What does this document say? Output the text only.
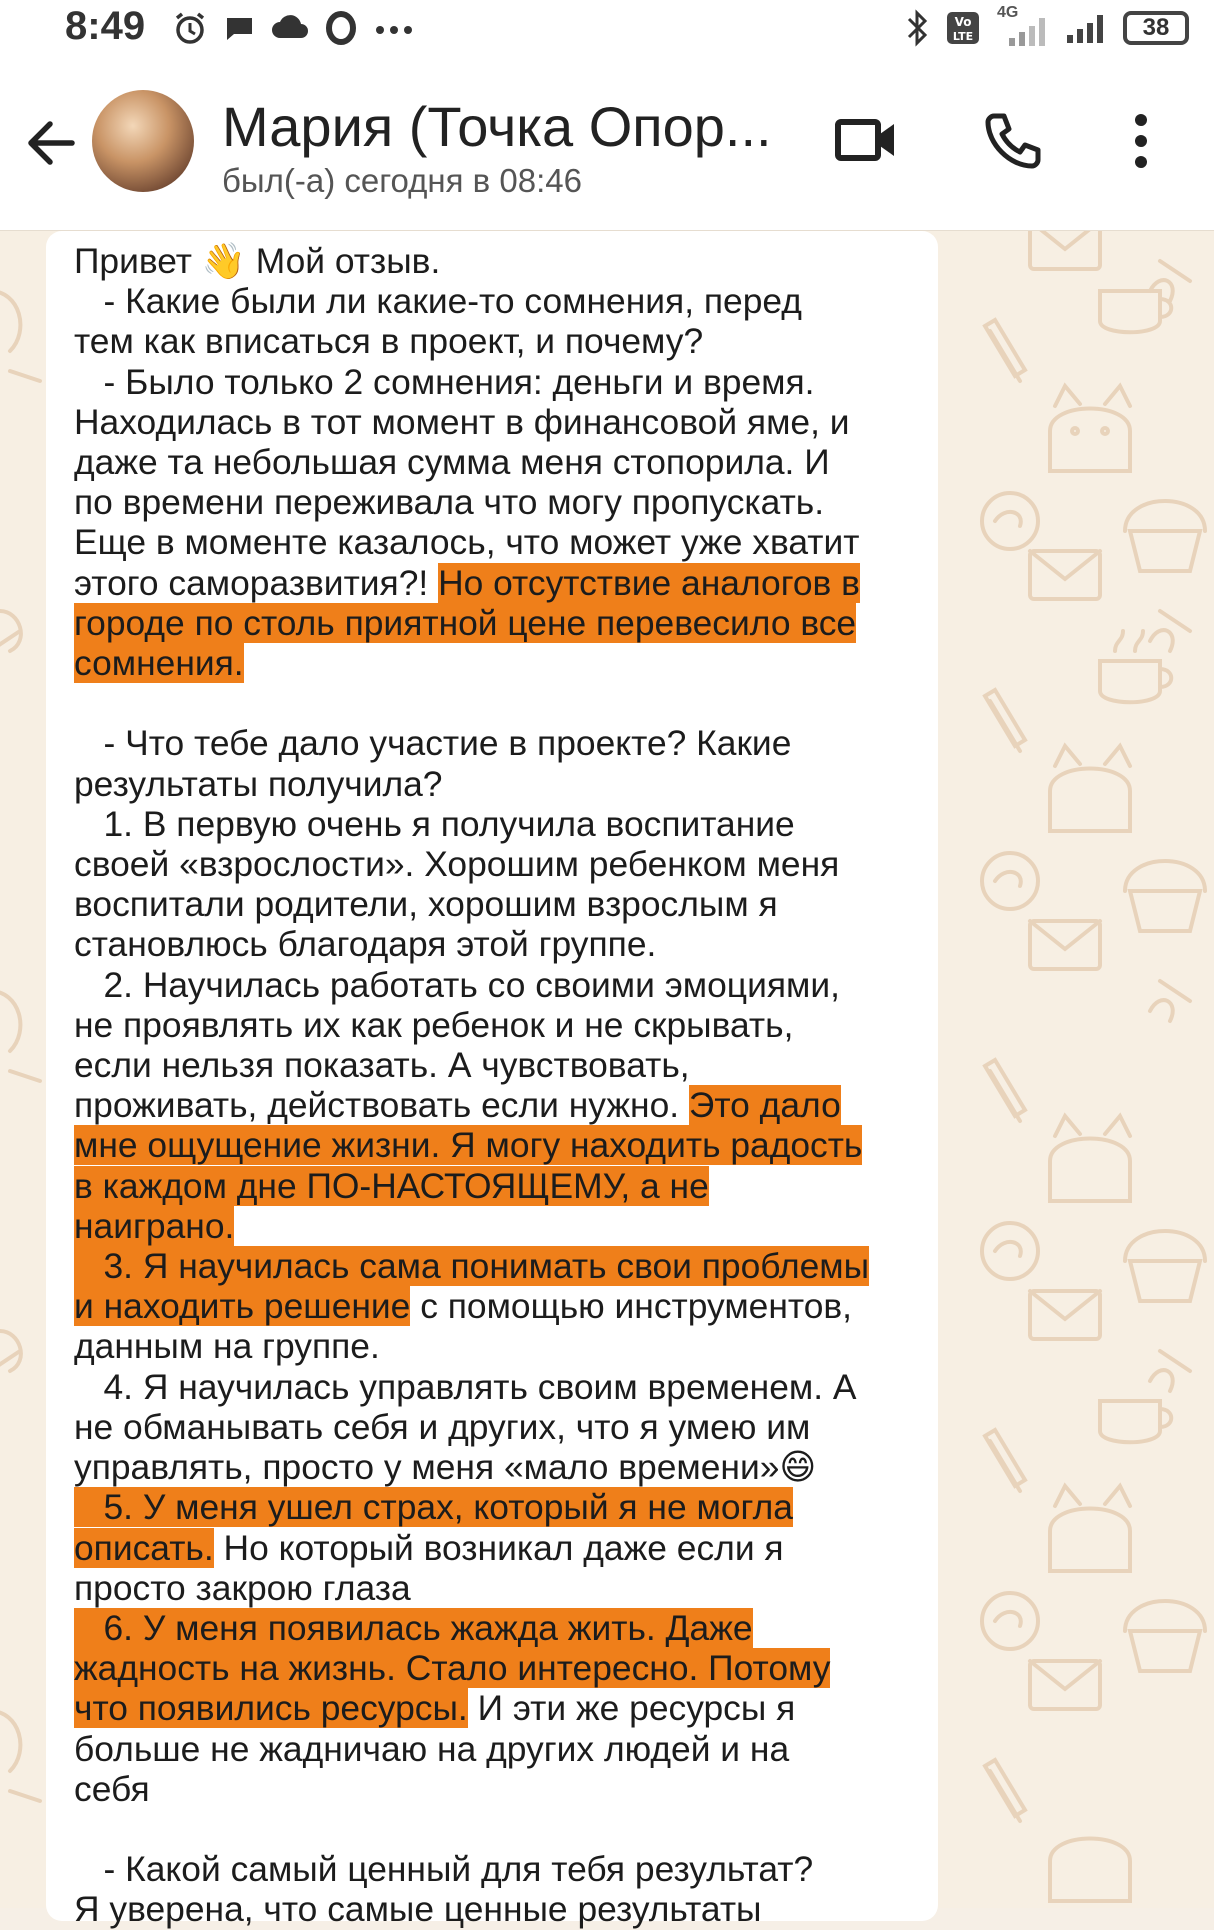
8:49	Vo
LTE
4G
38
Мария (Точка Опор...
был(-а) сегодня в 08:46

Привет 👋 Мой отзыв.

- Какие были ли какие-то сомнения, перед

тем как вписаться в проект, и почему?

- Было только 2 сомнения: деньги и время.

Находилась в тот момент в финансовой яме, и

даже та небольшая сумма меня стопорила. И

по времени переживала что могу пропускать.

Еще в моменте казалось, что может уже хватит

этого саморазвития?! Но отсутствие аналогов в

городе по столь приятной цене перевесило все

сомнения.

- Что тебе дало участие в проекте? Какие

результаты получила?

1. В первую очень я получила воспитание

своей «взрослости». Хорошим ребенком меня

воспитали родители, хорошим взрослым я

становлюсь благодаря этой группе.

2. Научилась работать со своими эмоциями,

не проявлять их как ребенок и не скрывать,

если нельзя показать. А чувствовать,

проживать, действовать если нужно. Это дало

мне ощущение жизни. Я могу находить радость

в каждом дне ПО-НАСТОЯЩЕМУ, а не

наиграно.

3. Я научилась сама понимать свои проблемы

и находить решение с помощью инструментов,

данным на группе.

4. Я научилась управлять своим временем. А

не обманывать себя и других, что я умею им

управлять, просто у меня «мало времени»😄

5. У меня ушел страх, который я не могла

описать. Но который возникал даже если я

просто закрою глаза

6. У меня появилась жажда жить. Даже

жадность на жизнь. Стало интересно. Потому

что появились ресурсы. И эти же ресурсы я

больше не жадничаю на других людей и на

себя

- Какой самый ценный для тебя результат?

Я уверена, что самые ценные результаты
